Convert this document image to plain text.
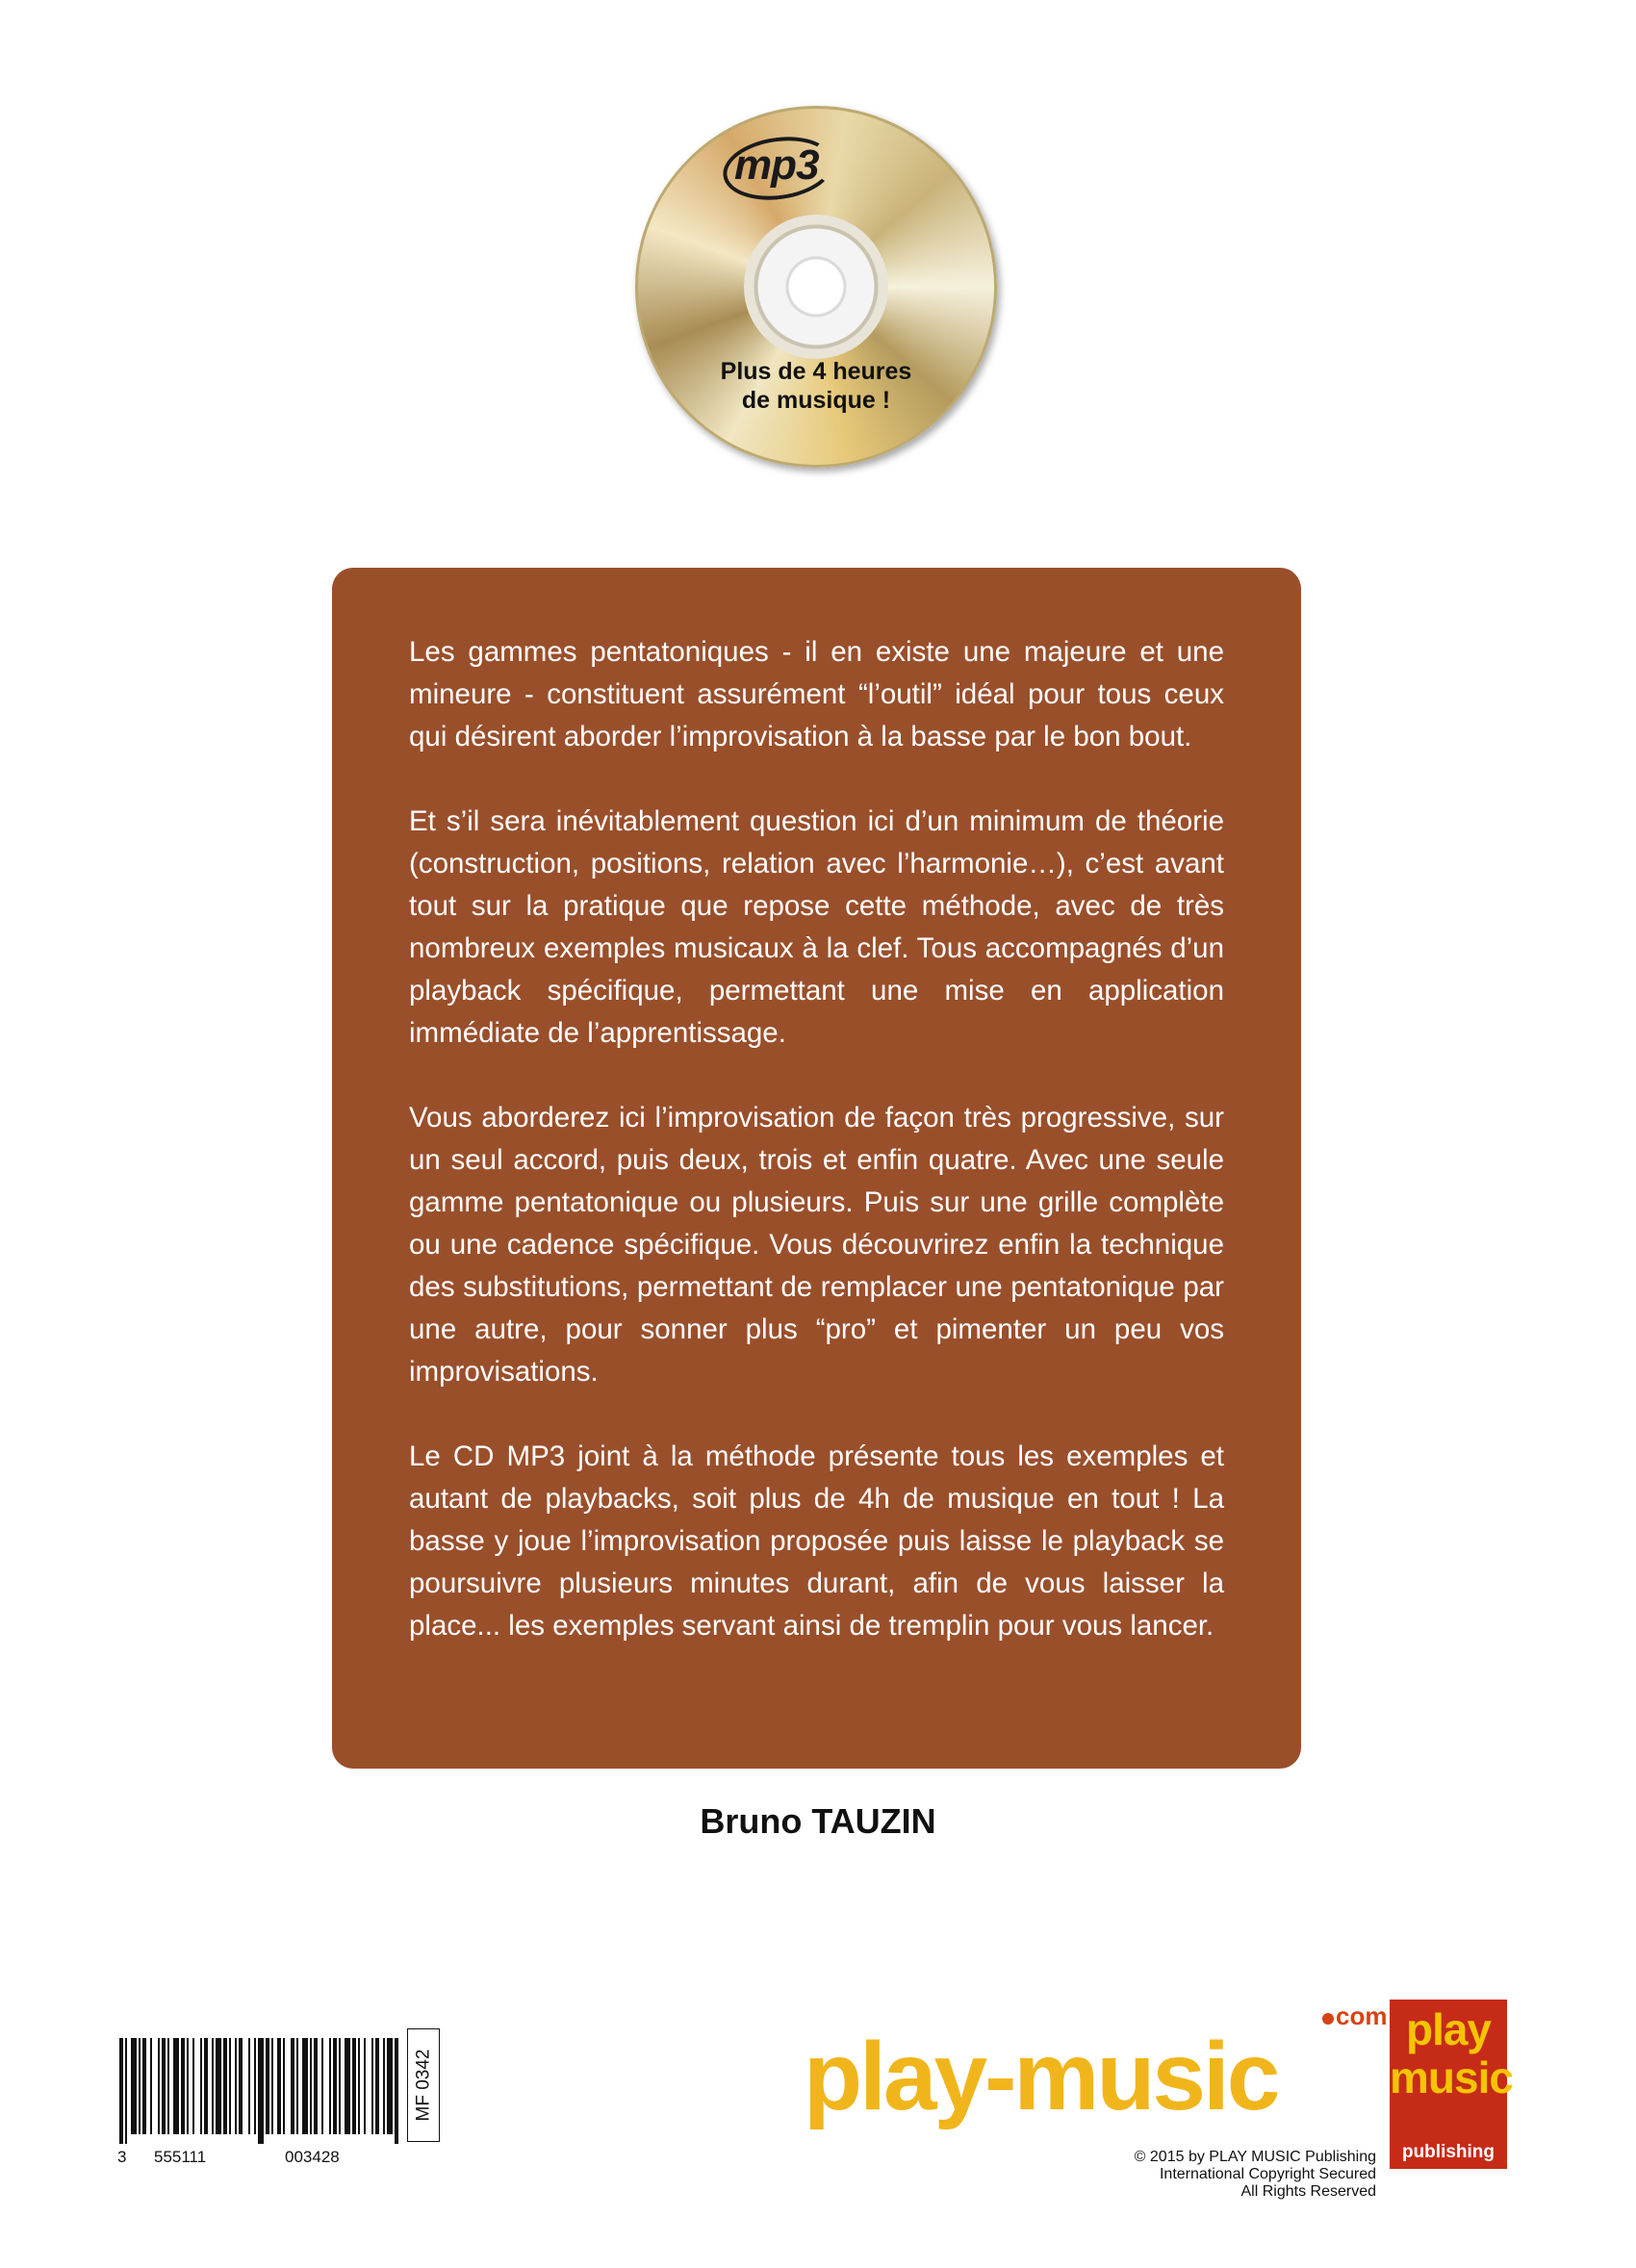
mp3
Plus de 4 heures
de musique !

Les gammes pentatoniques - il en existe une majeure et une mineure - constituent assurément “l’outil” idéal pour tous ceux qui désirent aborder l’improvisation à la basse par le bon bout.

Et s’il sera inévitablement question ici d’un minimum de théorie (construction, positions, relation avec l’harmonie…), c’est avant tout sur la pratique que repose cette méthode, avec de très nombreux exemples musicaux à la clef. Tous accompagnés d’un playback spécifique, permettant une mise en application immédiate de l’apprentissage.

Vous aborderez ici l’improvisation de façon très progressive, sur un seul accord, puis deux, trois et enfin quatre. Avec une seule gamme pentatonique ou plusieurs. Puis sur une grille complète ou une cadence spécifique. Vous découvrirez enfin la technique des substitutions, permettant de remplacer une pentatonique par une autre, pour sonner plus “pro” et pimenter un peu vos improvisations.

Le CD MP3 joint à la méthode présente tous les exemples et autant de playbacks, soit plus de 4h de musique en tout ! La basse y joue l’improvisation proposée puis laisse le playback se poursuivre plusieurs minutes durant, afin de vous laisser la place... les exemples servant ainsi de tremplin pour vous lancer.

Bruno TAUZIN
3 555111	003428
MF 0342
com
play-music
© 2015 by PLAY MUSIC Publishing
International Copyright Secured
All Rights Reserved
play
music
publishing
